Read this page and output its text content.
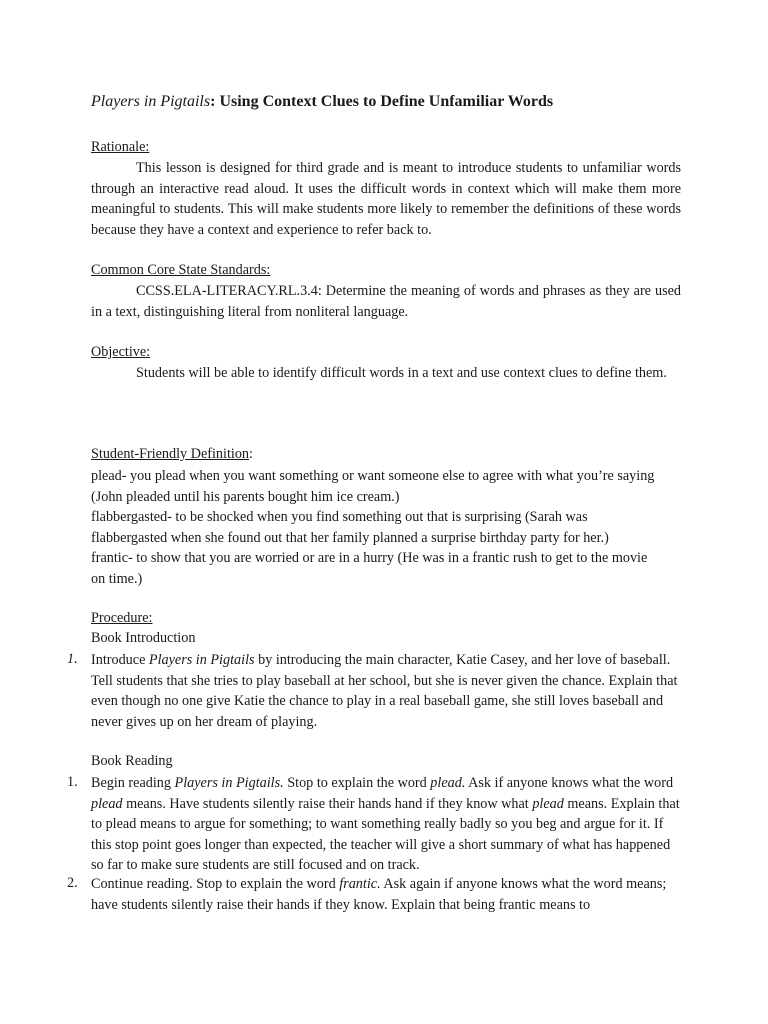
Players in Pigtails: Using Context Clues to Define Unfamiliar Words
Rationale:
This lesson is designed for third grade and is meant to introduce students to unfamiliar words through an interactive read aloud. It uses the difficult words in context which will make them more meaningful to students. This will make students more likely to remember the definitions of these words because they have a context and experience to refer back to.
Common Core State Standards:
CCSS.ELA-LITERACY.RL.3.4: Determine the meaning of words and phrases as they are used in a text, distinguishing literal from nonliteral language.
Objective:
Students will be able to identify difficult words in a text and use context clues to define them.
Student-Friendly Definition:
plead- you plead when you want something or want someone else to agree with what you’re saying (John pleaded until his parents bought him ice cream.)
flabbergasted- to be shocked when you find something out that is surprising (Sarah was flabbergasted when she found out that her family planned a surprise birthday party for her.)
frantic- to show that you are worried or are in a hurry (He was in a frantic rush to get to the movie on time.)
Procedure:
Book Introduction
1. Introduce Players in Pigtails by introducing the main character, Katie Casey, and her love of baseball. Tell students that she tries to play baseball at her school, but she is never given the chance. Explain that even though no one give Katie the chance to play in a real baseball game, she still loves baseball and never gives up on her dream of playing.
Book Reading
1. Begin reading Players in Pigtails. Stop to explain the word plead. Ask if anyone knows what the word plead means. Have students silently raise their hands hand if they know what plead means. Explain that to plead means to argue for something; to want something really badly so you beg and argue for it. If this stop point goes longer than expected, the teacher will give a short summary of what has happened so far to make sure students are still focused and on track.
2. Continue reading. Stop to explain the word frantic. Ask again if anyone knows what the word means; have students silently raise their hands if they know. Explain that being frantic means to
